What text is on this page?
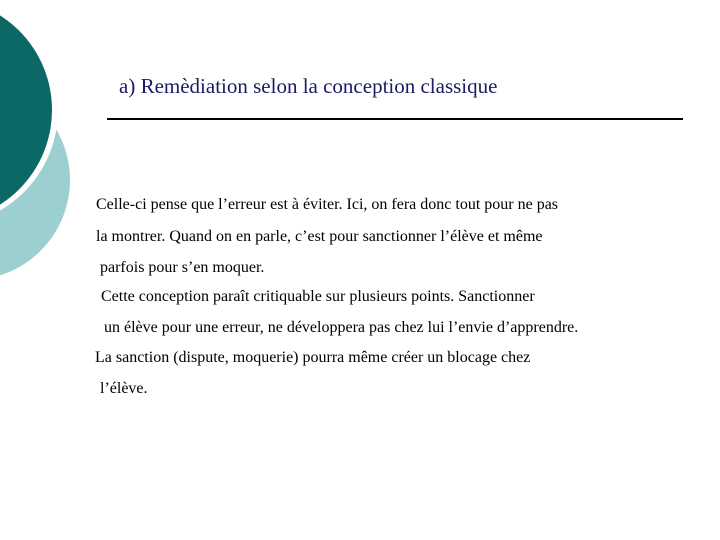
a) Remèdiation selon la conception classique

Celle-ci pense que l’erreur est à éviter. Ici, on fera donc tout pour ne pas

la montrer. Quand on en parle, c’est pour sanctionner l’élève et même

parfois pour s’en moquer.

Cette conception paraît critiquable sur plusieurs points. Sanctionner

un élève pour une erreur, ne développera pas chez lui l’envie d’apprendre.

La sanction (dispute, moquerie) pourra même créer un blocage chez

l’élève.
